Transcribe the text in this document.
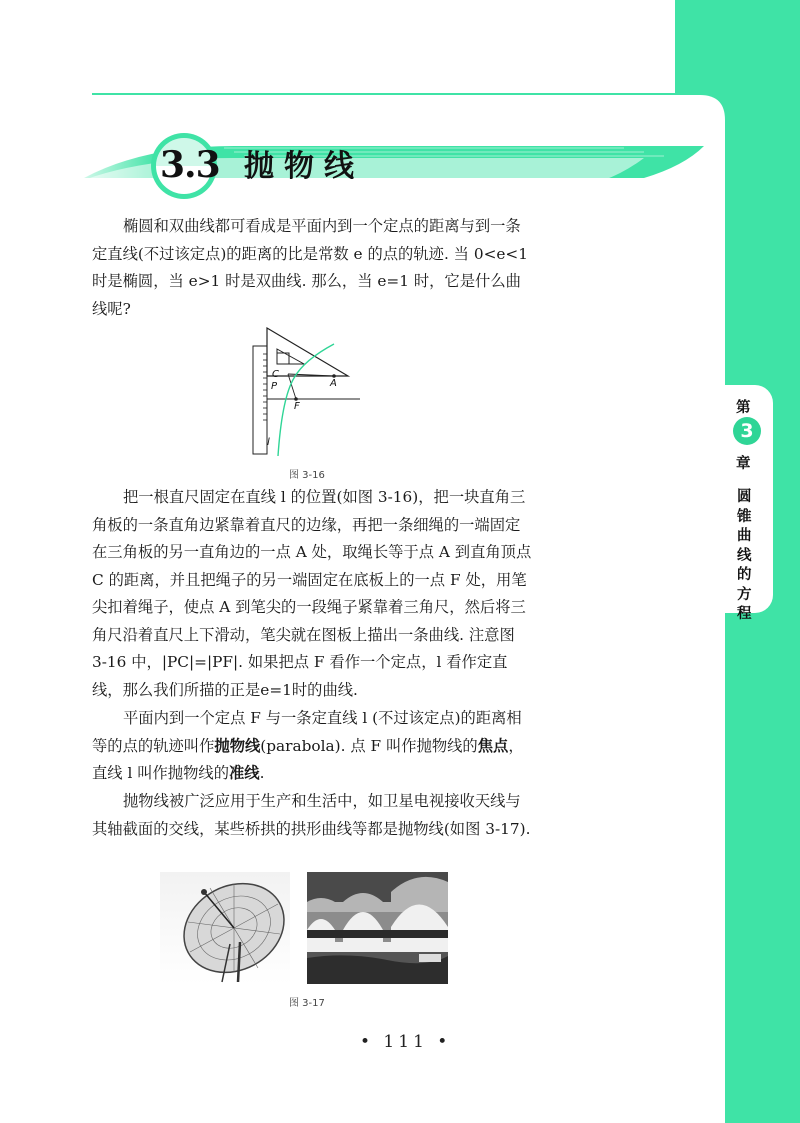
第
3
章
圆锥曲线的方程
3.3 抛物线

椭圆和双曲线都可看成是平面内到一个定点的距离与到一条定直线(不过该定点)的距离的比是常数 e 的点的轨迹. 当 0<e<1 时是椭圆，当 e>1 时是双曲线. 那么，当 e=1 时，它是什么曲线呢?

C
P	A
F
l
图 3-16

把一根直尺固定在直线 l 的位置(如图 3-16)，把一块直角三角板的一条直角边紧靠着直尺的边缘，再把一条细绳的一端固定在三角板的另一直角边的一点 A 处，取绳长等于点 A 到直角顶点C 的距离，并且把绳子的另一端固定在底板上的一点 F 处，用笔尖扣着绳子，使点 A 到笔尖的一段绳子紧靠着三角尺，然后将三角尺沿着直尺上下滑动，笔尖就在图板上描出一条曲线. 注意图 3-16 中，|PC|=|PF|. 如果把点 F 看作一个定点，l 看作定直线，那么我们所描的正是e=1时的曲线.

平面内到一个定点 F 与一条定直线 l (不过该定点)的距离相等的点的轨迹叫作抛物线(parabola). 点 F 叫作抛物线的焦点，直线 l 叫作抛物线的准线.

抛物线被广泛应用于生产和生活中，如卫星电视接收天线与其轴截面的交线，某些桥拱的拱形曲线等都是抛物线(如图 3-17).

图 3-17
• 111 •
